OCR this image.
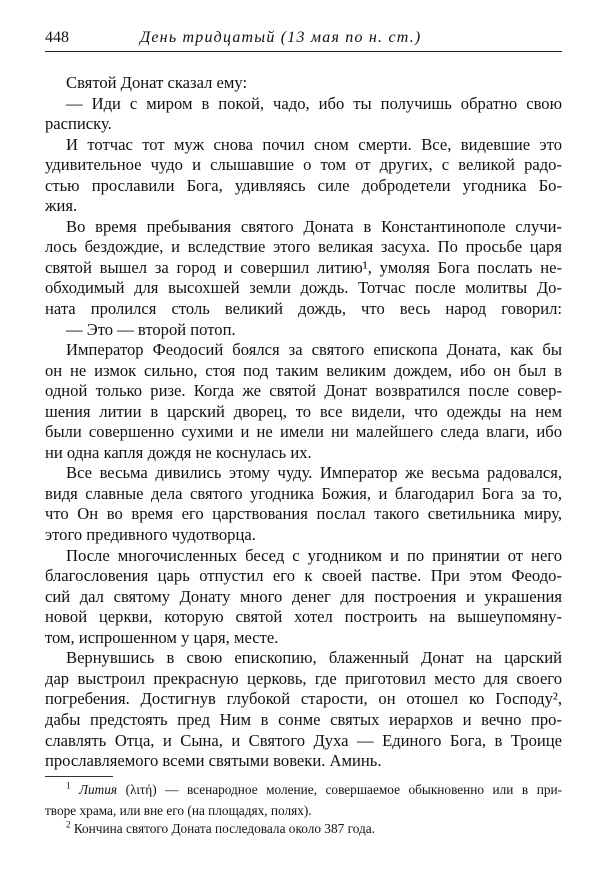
448	День тридцатый (13 мая по н. ст.)
Святой Донат сказал ему:
— Иди с миром в покой, чадо, ибо ты получишь обратно свою
расписку.
И тотчас тот муж снова почил сном смерти. Все, видевшие это
удивительное чудо и слышавшие о том от других, с великой радо-
стью прославили Бога, удивляясь силе добродетели угодника Бо-
жия.
Во время пребывания святого Доната в Константинополе случи-
лось бездождие, и вследствие этого великая засуха. По просьбе царя
святой вышел за город и совершил литию¹, умоляя Бога послать не-
обходимый для высохшей земли дождь. Тотчас после молитвы До-
ната пролился столь великий дождь, что весь народ говорил:
— Это — второй потоп.
Император Феодосий боялся за святого епископа Доната, как бы
он не измок сильно, стоя под таким великим дождем, ибо он был в
одной только ризе. Когда же святой Донат возвратился после совер-
шения литии в царский дворец, то все видели, что одежды на нем
были совершенно сухими и не имели ни малейшего следа влаги, ибо
ни одна капля дождя не коснулась их.
Все весьма дивились этому чуду. Император же весьма радовался,
видя славные дела святого угодника Божия, и благодарил Бога за то,
что Он во время его царствования послал такого светильника миру,
этого предивного чудотворца.
После многочисленных бесед с угодником и по принятии от него
благословения царь отпустил его к своей пастве. При этом Феодо-
сий дал святому Донату много денег для построения и украшения
новой церкви, которую святой хотел построить на вышеупомяну-
том, испрошенном у царя, месте.
Вернувшись в свою епископию, блаженный Донат на царский
дар выстроил прекрасную церковь, где приготовил место для своего
погребения. Достигнув глубокой старости, он отошел ко Господу²,
дабы предстоять пред Ним в сонме святых иерархов и вечно про-
славлять Отца, и Сына, и Святого Духа — Единого Бога, в Троице
прославляемого всеми святыми вовеки. Аминь.
$^1$ Лития (λιτή) — всенародное моление, совершаемое обыкновенно или в при-
творе храма, или вне его (на площадях, полях).
$^2$ Кончина святого Доната последовала около 387 года.
